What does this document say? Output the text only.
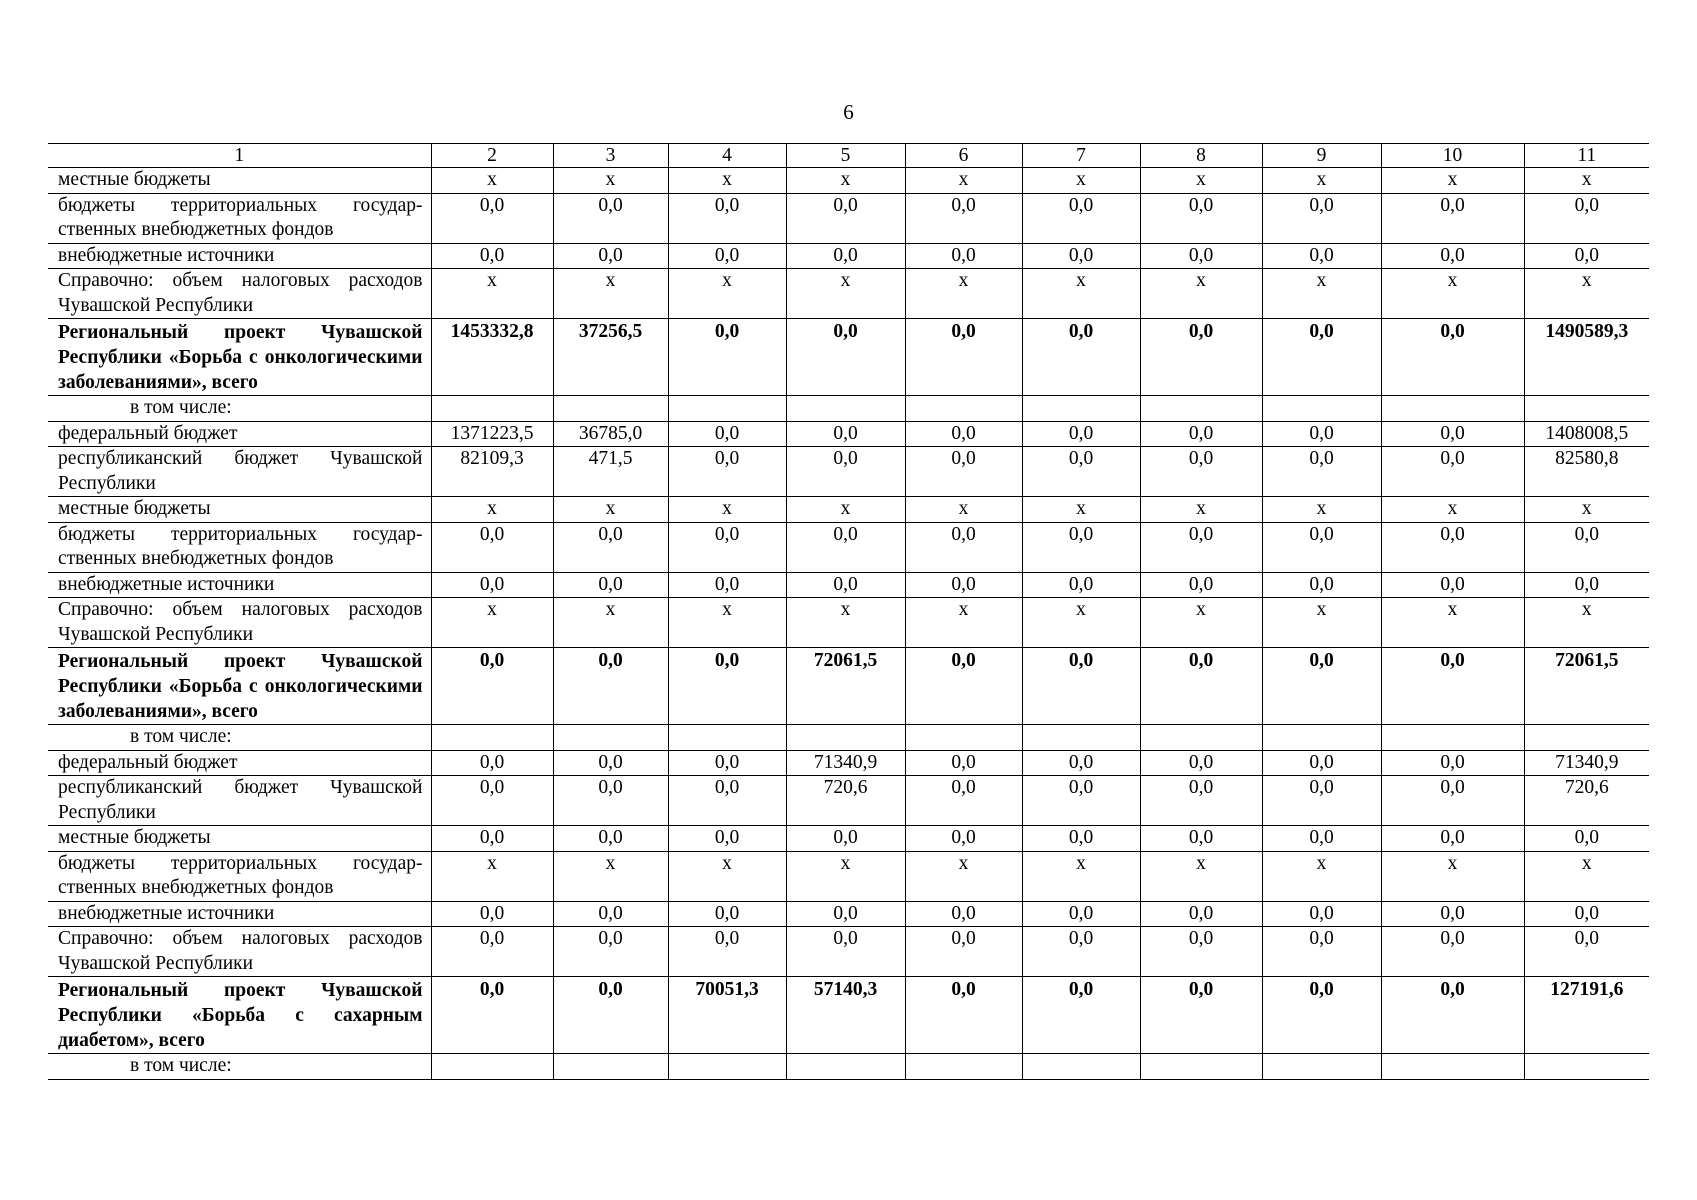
6
1	2	3	4	5	6	7	8	9	10	11
местные бюджеты	х	х	х	х	х	х	х	х	х	х
бюджеты территориальных государственных внебюджетных фондов	0,0	0,0	0,0	0,0	0,0	0,0	0,0	0,0	0,0	0,0
внебюджетные источники	0,0	0,0	0,0	0,0	0,0	0,0	0,0	0,0	0,0	0,0
Справочно: объем налоговых расходов Чувашской Республики	х	х	х	х	х	х	х	х	х	х
Региональный проект Чувашской Республики «Борьба с онкологическими заболеваниями», всего	1453332,8	37256,5	0,0	0,0	0,0	0,0	0,0	0,0	0,0	1490589,3
в том числе:										
федеральный бюджет	1371223,5	36785,0	0,0	0,0	0,0	0,0	0,0	0,0	0,0	1408008,5
республиканский бюджет Чувашской Республики	82109,3	471,5	0,0	0,0	0,0	0,0	0,0	0,0	0,0	82580,8
местные бюджеты	х	х	х	х	х	х	х	х	х	х
бюджеты территориальных государственных внебюджетных фондов	0,0	0,0	0,0	0,0	0,0	0,0	0,0	0,0	0,0	0,0
внебюджетные источники	0,0	0,0	0,0	0,0	0,0	0,0	0,0	0,0	0,0	0,0
Справочно: объем налоговых расходов Чувашской Республики	х	х	х	х	х	х	х	х	х	х
Региональный проект Чувашской Республики «Борьба с онкологическими заболеваниями», всего	0,0	0,0	0,0	72061,5	0,0	0,0	0,0	0,0	0,0	72061,5
в том числе:										
федеральный бюджет	0,0	0,0	0,0	71340,9	0,0	0,0	0,0	0,0	0,0	71340,9
республиканский бюджет Чувашской Республики	0,0	0,0	0,0	720,6	0,0	0,0	0,0	0,0	0,0	720,6
местные бюджеты	0,0	0,0	0,0	0,0	0,0	0,0	0,0	0,0	0,0	0,0
бюджеты территориальных государственных внебюджетных фондов	х	х	х	х	х	х	х	х	х	х
внебюджетные источники	0,0	0,0	0,0	0,0	0,0	0,0	0,0	0,0	0,0	0,0
Справочно: объем налоговых расходов Чувашской Республики	0,0	0,0	0,0	0,0	0,0	0,0	0,0	0,0	0,0	0,0
Региональный проект Чувашской Республики «Борьба с сахарным диабетом», всего	0,0	0,0	70051,3	57140,3	0,0	0,0	0,0	0,0	0,0	127191,6
в том числе:										
